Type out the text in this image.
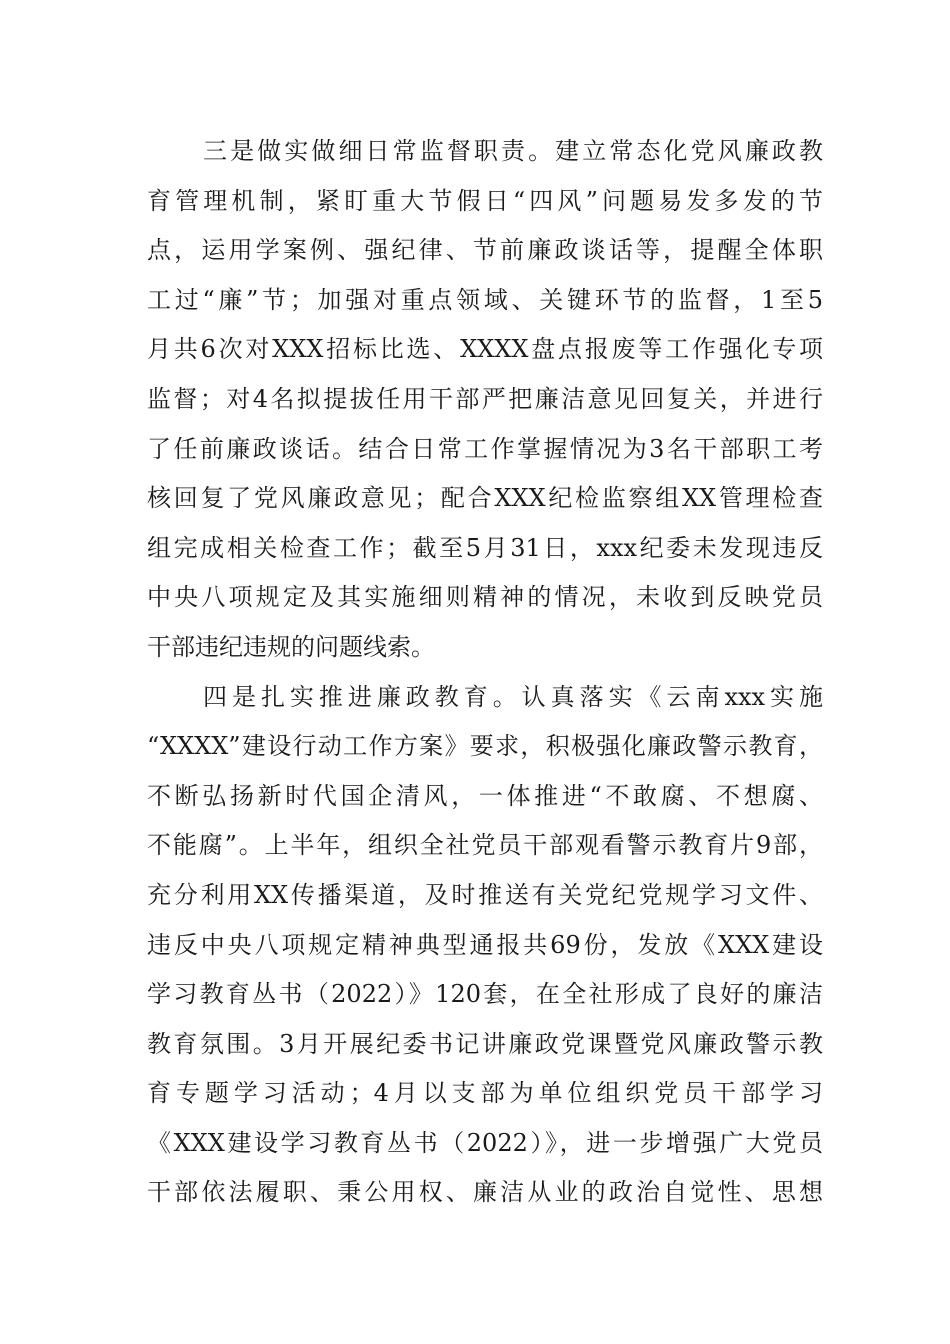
三是做实做细日常监督职责。建立常态化党风廉政教
育管理机制，紧盯重大节假日“四风”问题易发多发的节
点，运用学案例、强纪律、节前廉政谈话等，提醒全体职
工过“廉”节；加强对重点领域、关键环节的监督，1至5
月共6次对XXX招标比选、XXXX盘点报废等工作强化专项
监督；对4名拟提拔任用干部严把廉洁意见回复关，并进行
了任前廉政谈话。结合日常工作掌握情况为3名干部职工考
核回复了党风廉政意见；配合XXX纪检监察组XX管理检查
组完成相关检查工作；截至5月31日，xxx纪委未发现违反
中央八项规定及其实施细则精神的情况，未收到反映党员
干部违纪违规的问题线索。
四是扎实推进廉政教育。认真落实《云南xxx实施
“XXXX”建设行动工作方案》要求，积极强化廉政警示教育，
不断弘扬新时代国企清风，一体推进“不敢腐、不想腐、
不能腐”。上半年，组织全社党员干部观看警示教育片9部，
充分利用XX传播渠道，及时推送有关党纪党规学习文件、
违反中央八项规定精神典型通报共69份，发放《XXX建设
学习教育丛书（2022）》120套，在全社形成了良好的廉洁
教育氛围。3月开展纪委书记讲廉政党课暨党风廉政警示教
育专题学习活动；4月以支部为单位组织党员干部学习
《XXX建设学习教育丛书（2022）》，进一步增强广大党员
干部依法履职、秉公用权、廉洁从业的政治自觉性、思想
